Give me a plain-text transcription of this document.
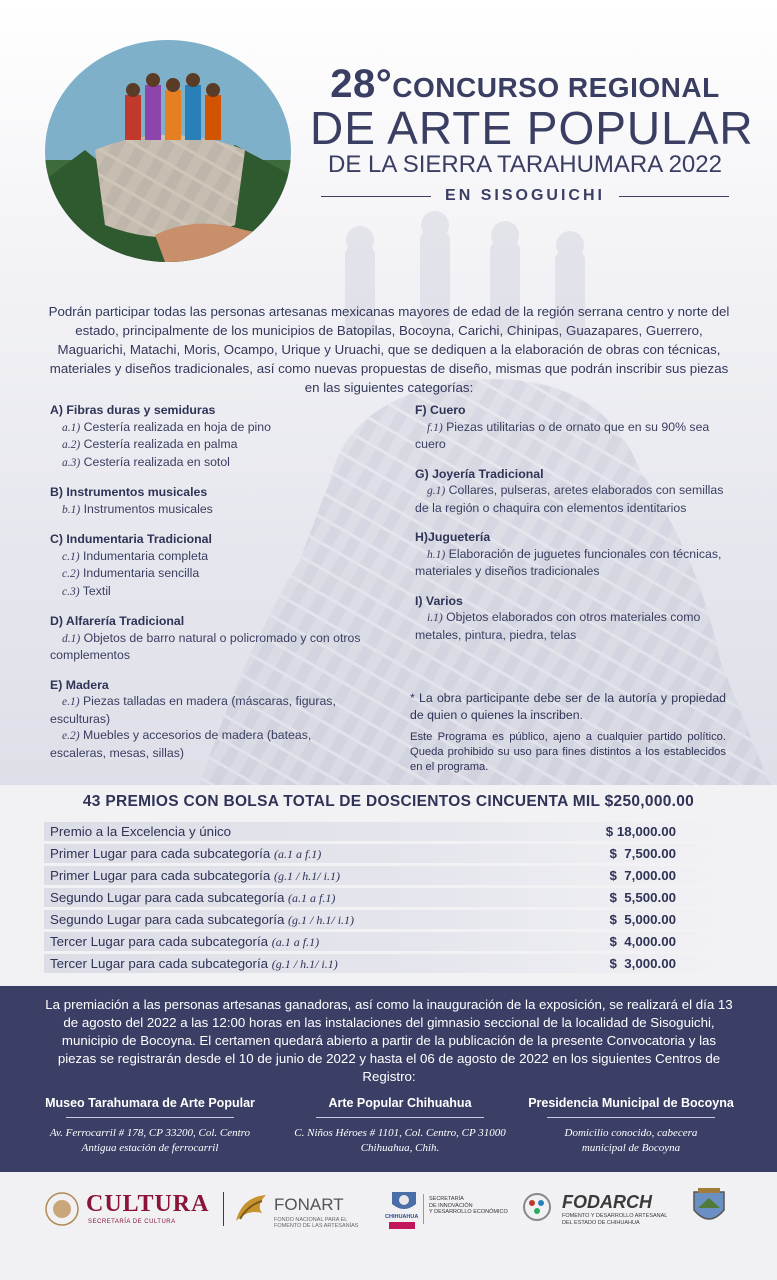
28°CONCURSO REGIONAL
DE ARTE POPULAR
DE LA SIERRA TARAHUMARA 2022
EN SISOGUICHI
Podrán participar todas las personas artesanas mexicanas mayores de edad de la región serrana centro y norte del estado, principalmente de los municipios de Batopilas, Bocoyna, Carichi, Chinipas, Guazapares, Guerrero, Maguarichi, Matachi, Moris, Ocampo, Urique y Uruachi, que se dediquen a la elaboración de obras con técnicas, materiales y diseños tradicionales, así como nuevas propuestas de diseño, mismas que podrán inscribir sus piezas en las siguientes categorías:
A) Fibras duras y semiduras
a.1) Cestería realizada en hoja de pino
a.2) Cestería realizada en palma
a.3) Cestería realizada en sotol
B) Instrumentos musicales
b.1) Instrumentos musicales
C) Indumentaria Tradicional
c.1) Indumentaria completa
c.2) Indumentaria sencilla
c.3) Textil
D) Alfarería Tradicional
d.1) Objetos de barro natural o policromado y con otros complementos
E) Madera
e.1) Piezas talladas en madera (máscaras, figuras, esculturas)
e.2) Muebles y accesorios de madera (bateas, escaleras, mesas, sillas)
F) Cuero
f.1) Piezas utilitarias o de ornato que en su 90% sea cuero
G) Joyería Tradicional
g.1) Collares, pulseras, aretes elaborados con semillas de la región o chaquira con elementos identitarios
H)Juguetería
h.1) Elaboración de juguetes funcionales con técnicas, materiales y diseños tradicionales
I) Varios
i.1) Objetos elaborados con otros materiales como metales, pintura, piedra, telas
* La obra participante debe ser de la autoría y propiedad de quien o quienes la inscriben.
Este Programa es público, ajeno a cualquier partido político. Queda prohibido su uso para fines distintos a los establecidos en el programa.
43 PREMIOS CON BOLSA TOTAL DE DOSCIENTOS CINCUENTA MIL $250,000.00
Premio a la Excelencia y único	$ 18,000.00
Primer Lugar para cada subcategoría (a.1 a f.1)	$  7,500.00
Primer Lugar para cada subcategoría (g.1 / h.1/ i.1)	$  7,000.00
Segundo Lugar para cada subcategoría (a.1 a f.1)	$  5,500.00
Segundo Lugar para cada subcategoría (g.1 / h.1/ i.1)	$  5,000.00
Tercer Lugar para cada subcategoría (a.1 a f.1)	$  4,000.00
Tercer Lugar para cada subcategoría (g.1 / h.1/ i.1)	$  3,000.00
La premiación a las personas artesanas ganadoras, así como la inauguración de la exposición, se realizará el día 13 de agosto del 2022 a las 12:00 horas en las instalaciones del gimnasio seccional de la localidad de Sisoguichi, municipio de Bocoyna. El certamen quedará abierto a partir de la publicación de la presente Convocatoria y las piezas se registrarán desde el 10 de junio de 2022 y hasta el 06 de agosto de 2022 en los siguientes Centros de Registro:
Museo Tarahumara de Arte Popular
Av. Ferrocarril # 178, CP 33200, Col. Centro
Antigua estación de ferrocarril
Arte Popular Chihuahua
C. Niños Héroes # 1101, Col. Centro, CP 31000
Chihuahua, Chih.
Presidencia Municipal de Bocoyna
Domicilio conocido, cabecera
municipal de Bocoyna
CULTURA
SECRETARÍA DE CULTURA
FONART
FONDO NACIONAL PARA EL
FOMENTO DE LAS ARTESANÍAS
CHIHUAHUA
SECRETARÍA
DE INNOVACIÓN
Y DESARROLLO ECONÓMICO	FODARCH
FOMENTO Y DESARROLLO ARTESANAL
DEL ESTADO DE CHIHUAHUA
